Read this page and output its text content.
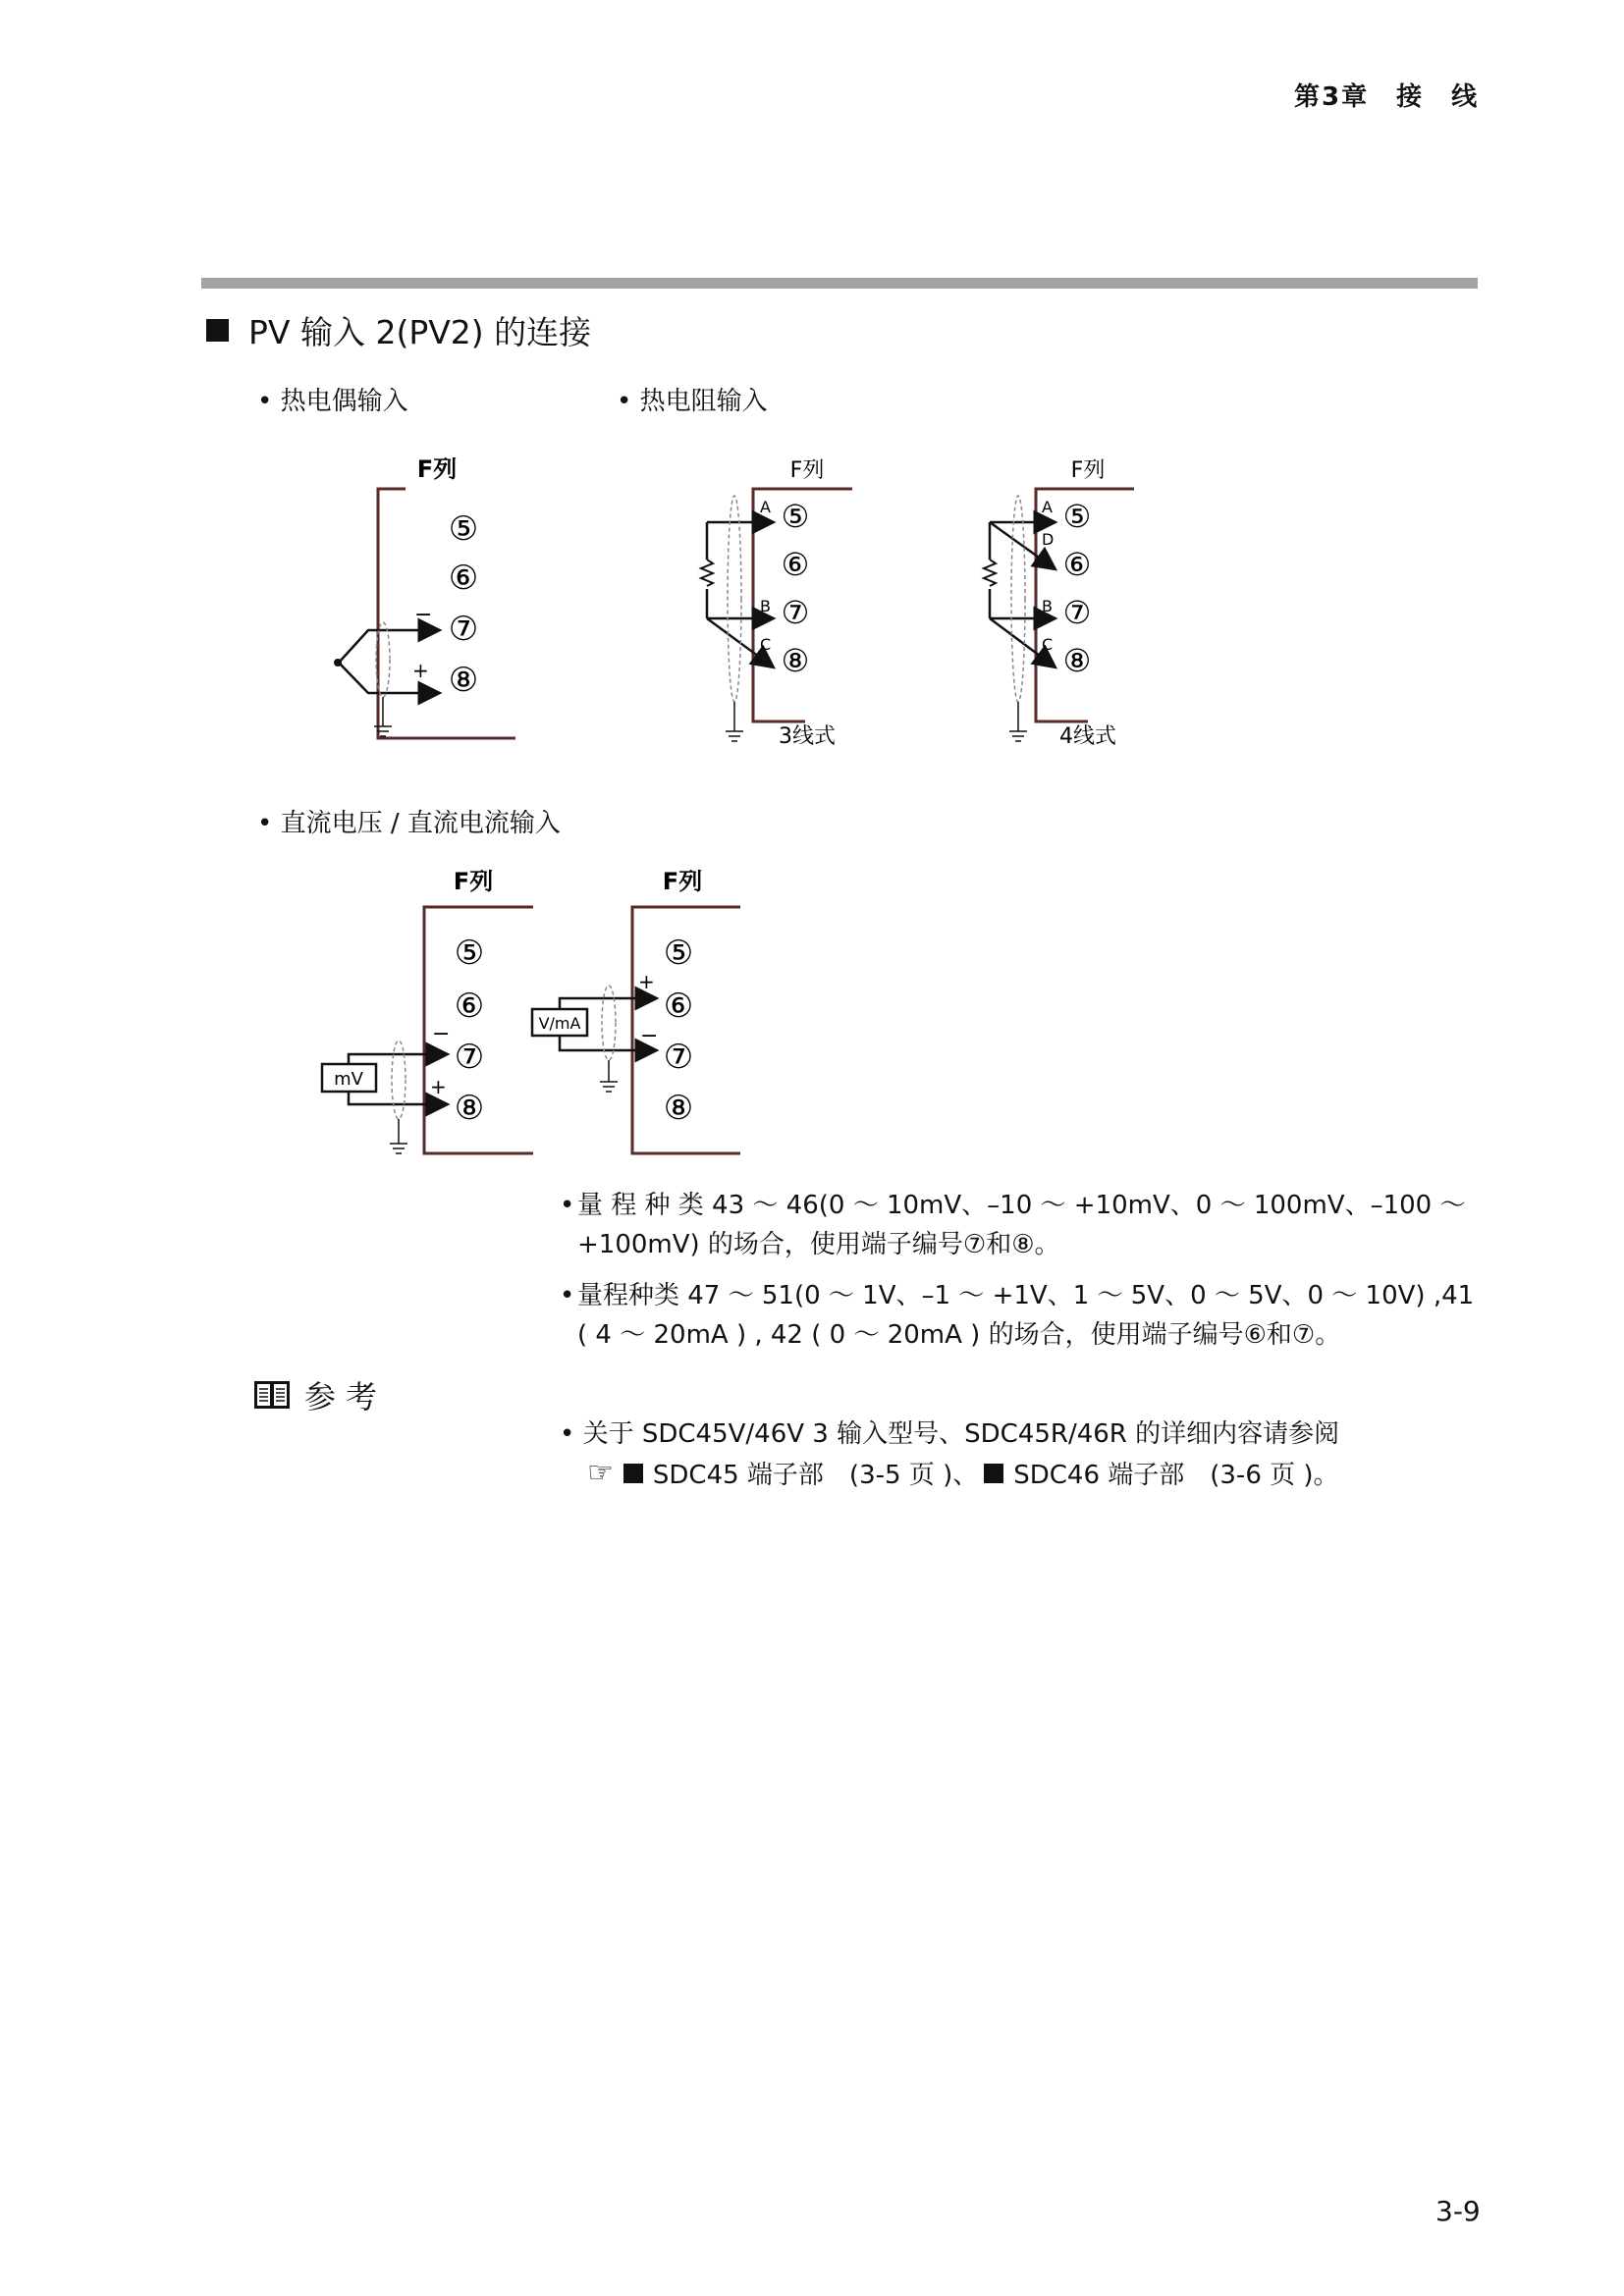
第3章　接　线
PV 输入 2(PV2) 的连接
• 热电偶输入	• 热电阻输入
F列
⑤
⑥
⑦
⑧
−
+
F列
⑤
⑥
⑦
⑧
A
B
C
3线式
F列
⑤
⑥
⑦
⑧
A
D
B
C
4线式
• 直流电压 / 直流电流输入
F列
⑤
⑥
⑦
⑧
mV
−
+
F列
⑤
⑥
⑦
⑧
V/mA
+
−
• 量 程 种 类 43 ～ 46(0 ～ 10mV、–10 ～ +10mV、0 ～ 100mV、–100 ～ +100mV) 的场合，使用端子编号⑦和⑧。
• 量程种类 47 ～ 51(0 ～ 1V、–1 ～ +1V、1 ～ 5V、0 ～ 5V、0 ～ 10V) ,41 ( 4 ～ 20mA ) , 42 ( 0 ～ 20mA ) 的场合，使用端子编号⑥和⑦。
参考
• 关于 SDC45V/46V 3 输入型号、SDC45R/46R 的详细内容请参阅
☞ SDC45 端子部　(3-5 页 )、 SDC46 端子部　(3-6 页 )。
3-9
